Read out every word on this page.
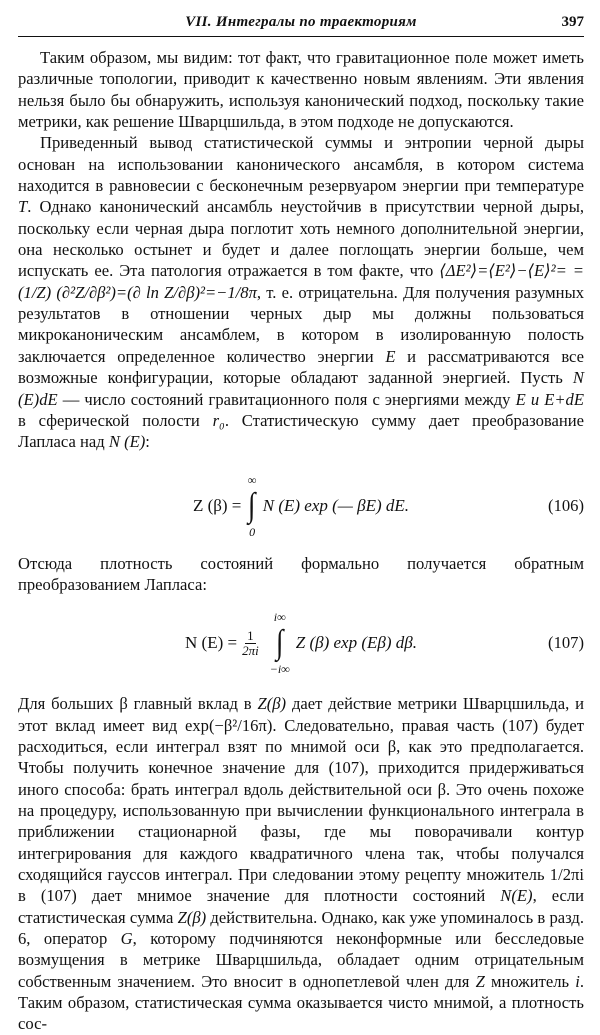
VII. Интегралы по траекториям	397

Таким образом, мы видим: тот факт, что гравитационное поле может иметь различные топологии, приводит к качественно новым явлениям. Эти явления нельзя было бы обнаружить, используя канонический подход, поскольку такие метрики, как решение Шварцшильда, в этом подходе не допускаются.

Приведенный вывод статистической суммы и энтропии черной дыры основан на использовании канонического ансамбля, в котором система находится в равновесии с бесконечным резервуаром энергии при температуре T. Однако канонический ансамбль неустойчив в присутствии черной дыры, поскольку если черная дыра поглотит хоть немного дополнительной энергии, она несколько остынет и будет и далее поглощать энергии больше, чем испускать ее. Эта патология отражается в том факте, что ⟨ΔE²⟩=⟨E²⟩−⟨E⟩²= =(1/Z) (∂²Z/∂β²)=(∂ ln Z/∂β)²=−1/8π, т. е. отрицательна. Для получения разумных результатов в отношении черных дыр мы должны пользоваться микроканоническим ансамблем, в котором в изолированную полость заключается определенное количество энергии E и рассматриваются все возможные конфигурации, которые обладают заданной энергией. Пусть N (E)dE — число состояний гравитационного поля с энергиями между E и E+dE в сферической полости r₀. Статистическую сумму дает преобразование Лапласа над N (E):

Z (β) =
∞
∫
0
N (E) exp (— βE) dE.	(106)

Отсюда плотность состояний формально получается обратным преобразованием Лапласа:

N $(E) = \frac{1}{2\pi i}$
i∞
∫
−i∞
Z (β) exp (Eβ) dβ.	(107)

Для больших β главный вклад в Z(β) дает действие метрики Шварцшильда, и этот вклад имеет вид exp(−β²/16π). Следовательно, правая часть (107) будет расходиться, если интеграл взят по мнимой оси β, как это предполагается. Чтобы получить конечное значение для (107), приходится придерживаться иного способа: брать интеграл вдоль действительной оси β. Это очень похоже на процедуру, использованную при вычислении функционального интеграла в приближении стационарной фазы, где мы поворачивали контур интегрирования для каждого квадратичного члена так, чтобы получался сходящийся гауссов интеграл. При следовании этому рецепту множитель 1/2πi в (107) дает мнимое значение для плотности состояний N(E), если статистическая сумма Z(β) действительна. Однако, как уже упоминалось в разд. 6, оператор G, которому подчиняются неконформные или бесследовые возмущения в метрике Шварцшильда, обладает одним отрицательным собственным значением. Это вносит в однопетлевой член для Z множитель i. Таким образом, статистическая сумма оказывается чисто мнимой, а плотность сос-
